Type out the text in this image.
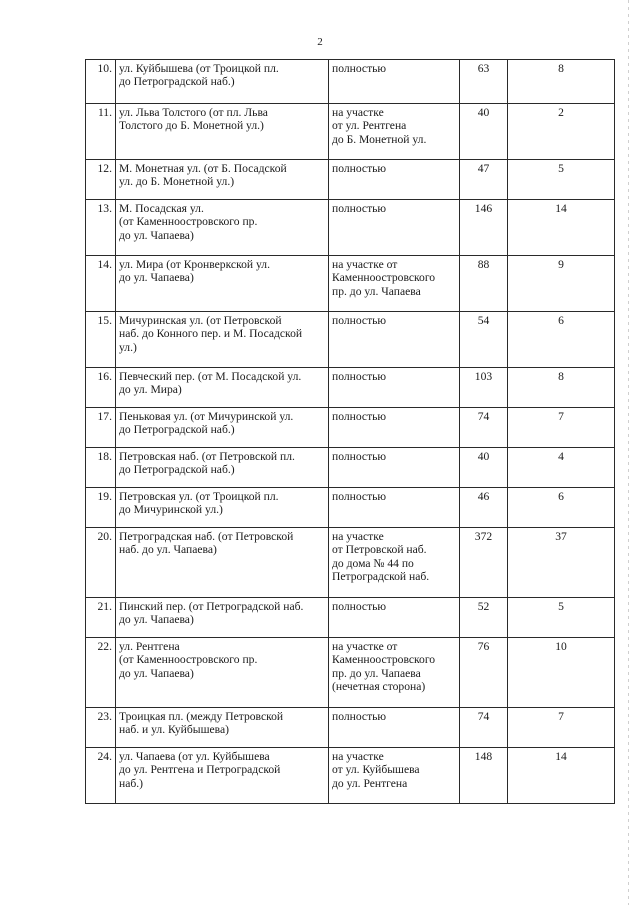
2
10.	ул. Куйбышева (от Троицкой пл.
до Петроградской наб.)	полностью	63	8
11.	ул. Льва Толстого (от пл. Льва
Толстого до Б. Монетной ул.)	на участке
от ул. Рентгена
до Б. Монетной ул.	40	2
12.	М. Монетная ул. (от Б. Посадской
ул. до Б. Монетной ул.)	полностью	47	5
13.	М. Посадская ул.
(от Каменноостровского пр.
до ул. Чапаева)	полностью	146	14
14.	ул. Мира (от Кронверкской ул.
до ул. Чапаева)	на участке от
Каменноостровского
пр. до ул. Чапаева	88	9
15.	Мичуринская ул. (от Петровской
наб. до Конного пер. и М. Посадской
ул.)	полностью	54	6
16.	Певческий пер. (от М. Посадской ул.
до ул. Мира)	полностью	103	8
17.	Пеньковая ул. (от Мичуринской ул.
до Петроградской наб.)	полностью	74	7
18.	Петровская наб. (от Петровской пл.
до Петроградской наб.)	полностью	40	4
19.	Петровская ул. (от Троицкой пл.
до Мичуринской ул.)	полностью	46	6
20.	Петроградская наб. (от Петровской
наб. до ул. Чапаева)	на участке
от Петровской наб.
до дома № 44 по
Петроградской наб.	372	37
21.	Пинский пер. (от Петроградской наб.
до ул. Чапаева)	полностью	52	5
22.	ул. Рентгена
(от Каменноостровского пр.
до ул. Чапаева)	на участке от
Каменноостровского
пр. до ул. Чапаева
(нечетная сторона)	76	10
23.	Троицкая пл. (между Петровской
наб. и ул. Куйбышева)	полностью	74	7
24.	ул. Чапаева (от ул. Куйбышева
до ул. Рентгена и Петроградской
наб.)	на участке
от ул. Куйбышева
до ул. Рентгена	148	14
